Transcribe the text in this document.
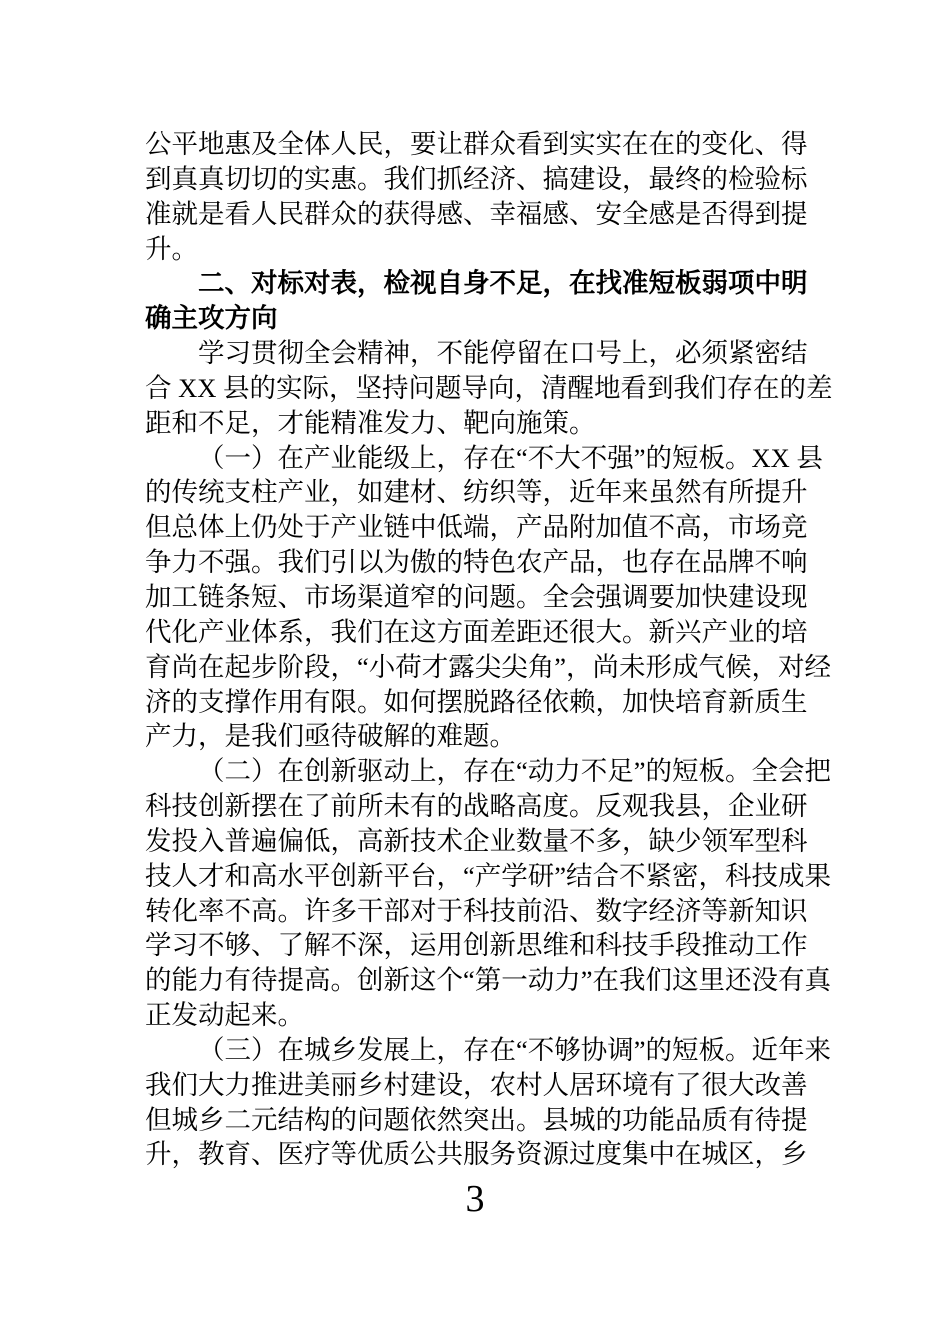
公平地惠及全体人民，要让群众看到实实在在的变化、得
到真真切切的实惠。我们抓经济、搞建设，最终的检验标
准就是看人民群众的获得感、幸福感、安全感是否得到提
升。

二、对标对表，检视自身不足，在找准短板弱项中明
确主攻方向

学习贯彻全会精神，不能停留在口号上，必须紧密结
合 XX 县的实际，坚持问题导向，清醒地看到我们存在的差
距和不足，才能精准发力、靶向施策。

（一）在产业能级上，存在“不大不强”的短板。XX 县
的传统支柱产业，如建材、纺织等，近年来虽然有所提升
但总体上仍处于产业链中低端，产品附加值不高，市场竞
争力不强。我们引以为傲的特色农产品，也存在品牌不响
加工链条短、市场渠道窄的问题。全会强调要加快建设现
代化产业体系，我们在这方面差距还很大。新兴产业的培
育尚在起步阶段，“小荷才露尖尖角”，尚未形成气候，对经
济的支撑作用有限。如何摆脱路径依赖，加快培育新质生
产力，是我们亟待破解的难题。

（二）在创新驱动上，存在“动力不足”的短板。全会把
科技创新摆在了前所未有的战略高度。反观我县，企业研
发投入普遍偏低，高新技术企业数量不多，缺少领军型科
技人才和高水平创新平台，“产学研”结合不紧密，科技成果
转化率不高。许多干部对于科技前沿、数字经济等新知识
学习不够、了解不深，运用创新思维和科技手段推动工作
的能力有待提高。创新这个“第一动力”在我们这里还没有真
正发动起来。

（三）在城乡发展上，存在“不够协调”的短板。近年来
我们大力推进美丽乡村建设，农村人居环境有了很大改善
但城乡二元结构的问题依然突出。县城的功能品质有待提
升，教育、医疗等优质公共服务资源过度集中在城区，乡

3
